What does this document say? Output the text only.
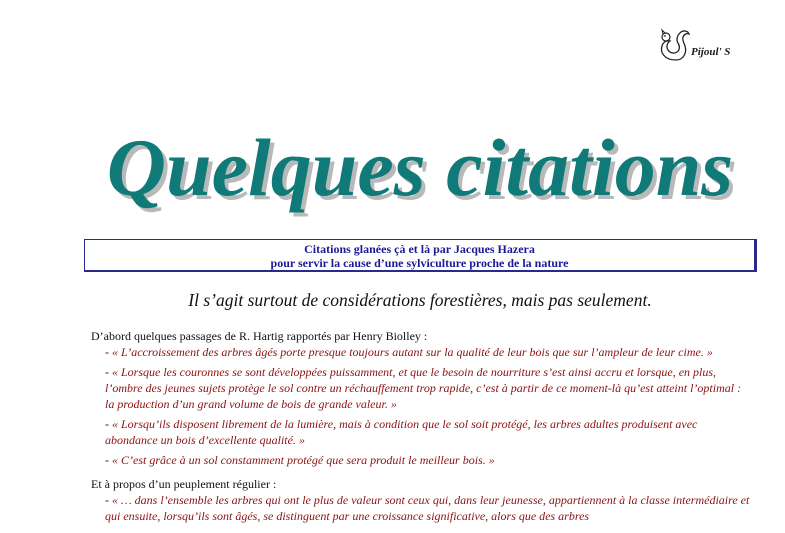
Pijoul' S
Quelques citations
Citations glanées çà et là par Jacques Hazera
pour servir la cause d’une sylviculture proche de la nature
Il s’agit surtout de considérations forestières, mais pas seulement.

D’abord quelques passages de R. Hartig rapportés par Henry Biolley :

- « L’accroissement des arbres âgés porte presque toujours autant sur la qualité de leur bois que sur l’ampleur de leur cime. »

- « Lorsque les couronnes se sont développées puissamment, et que le besoin de nourriture s’est ainsi accru et lorsque, en plus, l’ombre des jeunes sujets protège le sol contre un réchauffement trop rapide, c’est à partir de ce moment-là qu’est atteint l’optimal : la production d’un grand volume de bois de grande valeur. »

- « Lorsqu’ils disposent librement de la lumière, mais à condition que le sol soit protégé, les arbres adultes produisent avec abondance un bois d’excellente qualité. »

- « C’est grâce à un sol constamment protégé que sera produit le meilleur bois. »

Et à propos d’un peuplement régulier :

- « … dans l’ensemble les arbres qui ont le plus de valeur sont ceux qui, dans leur jeunesse, appartiennent à la classe intermédiaire et qui ensuite, lorsqu’ils sont âgés, se distinguent par une croissance significative, alors que des arbres
